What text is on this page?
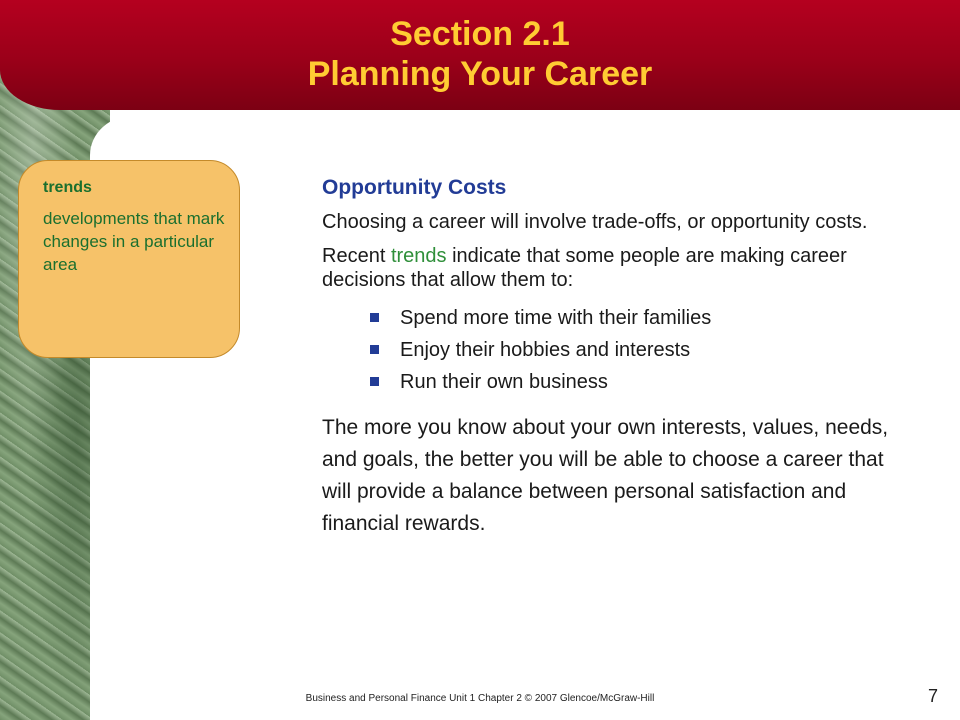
Section 2.1
Planning Your Career
trends
developments that mark changes in a particular area
Opportunity Costs
Choosing a career will involve trade-offs, or opportunity costs.
Recent trends indicate that some people are making career decisions that allow them to:
Spend more time with their families
Enjoy their hobbies and interests
Run their own business
The more you know about your own interests, values, needs, and goals, the better you will be able to choose a career that will provide a balance between personal satisfaction and financial rewards.
Business and Personal Finance Unit 1 Chapter 2 © 2007 Glencoe/McGraw-Hill	7
